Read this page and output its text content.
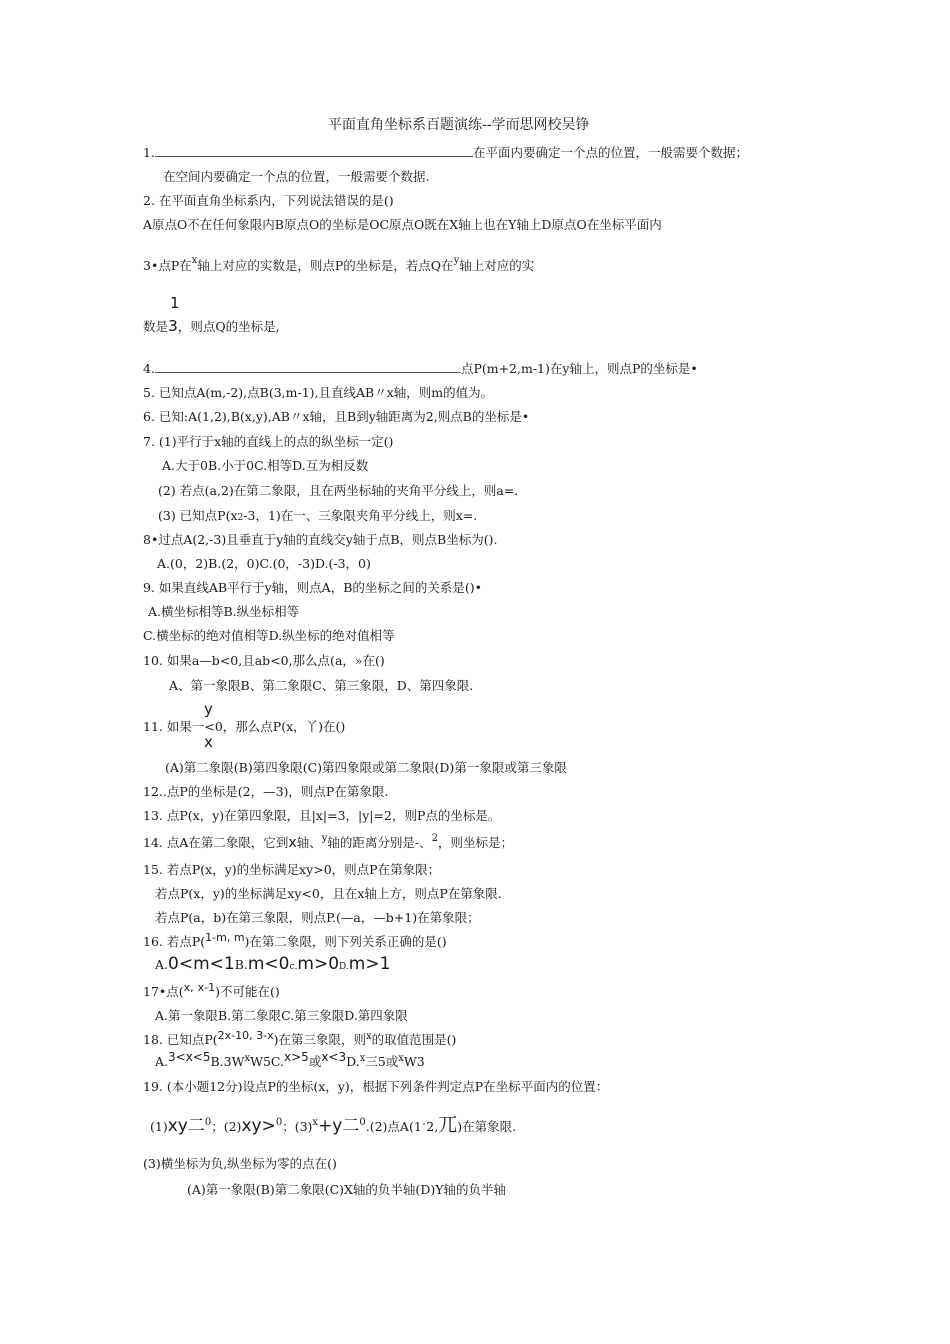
平面直角坐标系百题演练--学而思网校吴铮
1.	在平面内要确定一个点的位置，一般需要个数据；
在空间内要确定一个点的位置，一般需要个数据.
2. 在平面直角坐标系内，下列说法错误的是()
A原点O不在任何象限内B原点O的坐标是OC原点O既在X轴上也在Y轴上D原点O在坐标平面内
3•点P在$^x$轴上对应的实数是，则点P的坐标是，若点Q在$^y$轴上对应的实
1
数是3，则点Q的坐标是,
4.	点P(m+2,m-1)在y轴上，则点P的坐标是•
5. 已知点A(m,-2),点B(3,m-1),且直线AB〃x轴，则m的值为。
6. 已知:A(1,2),B(x,y),AB〃x轴，且B到y轴距离为2,则点B的坐标是•
7. (1)平行于x轴的直线上的点的纵坐标一定()
A.大于0B.小于0C.相等D.互为相反数
(2) 若点(a,2)在第二象限，且在两坐标轴的夹角平分线上，则a=.
(3) 已知点P(x2-3，1)在一、三象限夹角平分线上，则x=.
8•过点A(2,-3)且垂直于y轴的直线交y轴于点B，则点B坐标为().
A.(0，2)B.(2，0)C.(0，-3)D.(-3，0)
9. 如果直线AB平行于y轴，则点A，B的坐标之间的关系是()•
A.横坐标相等B.纵坐标相等
C.横坐标的绝对值相等D.纵坐标的绝对值相等
10. 如果a—b<0,且ab<0,那么点(a，»在()
A、第一象限B、第二象限C、第三象限，D、第四象限.
y
11. 如果一<0，那么点P(x，丫)在()
x
(A)第二象限(B)第四象限(C)第四象限或第二象限(D)第一象限或第三象限
12..点P的坐标是(2，—3)，则点P在第象限.
13. 点P(x，y)在第四象限，且|x|=3，|y|=2，则P点的坐标是。
14. 点A在第二象限，它到x轴、$^y$轴的距离分别是-、$^2$，则坐标是；
15. 若点P(x，y)的坐标满足xy>0，则点P在第象限；
若点P(x，y)的坐标满足xy<0，且在x轴上方，则点P在第象限.
若点P(a，b)在第三象限，则点P.(—a，—b+1)在第象限；
16. 若点P(1-m, m)在第二象限，则下列关系正确的是()
A.0<m<1B.m<0c.m>0D.m>1
17•点(x, x-1)不可能在()
A.第一象限B.第二象限C.第三象限D.第四象限
18. 已知点P(2x-10, 3-x)在第三象限，则$^x$的取值范围是()
$A.3<x<5B.3W^xW5C.x>5$或x<3D.$^x$三5或$^x$W3
19. (本小题12分)设点P的坐标(x，y)，根据下列条件判定点P在坐标平面内的位置：
(1)xy二$^0$；(2)xy>$^0$；$(3)^x+y$二$^0$.(2)点A(1ˆ2,兀)在第象限.
(3)横坐标为负,纵坐标为零的点在()
(A)第一象限(B)第二象限(C)X轴的负半轴(D)Y轴的负半轴
